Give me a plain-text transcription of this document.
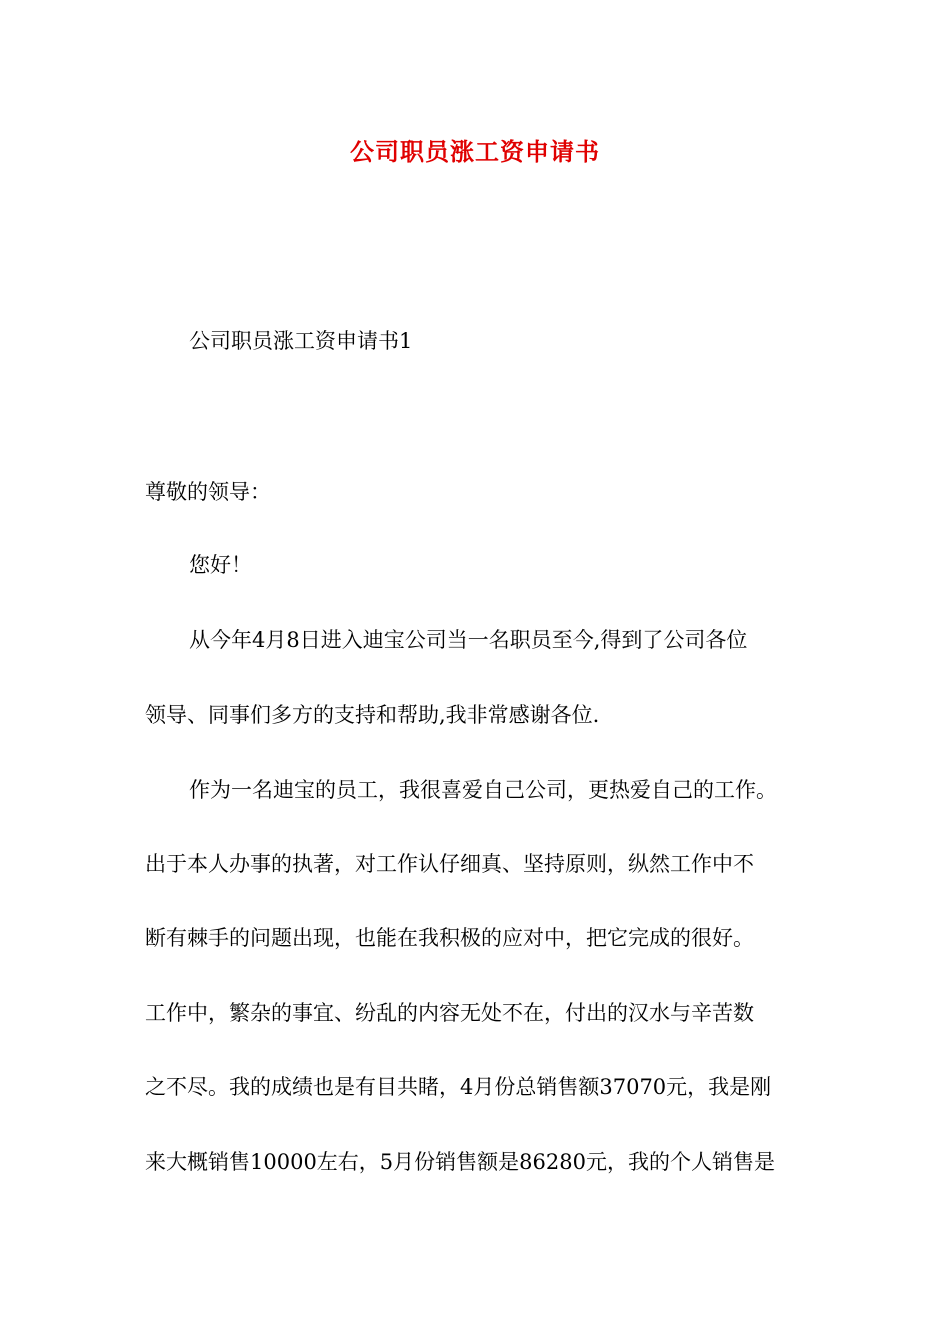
公司职员涨工资申请书
公司职员涨工资申请书1
尊敬的领导：
您好！
从今年4月8日进入迪宝公司当一名职员至今,得到了公司各位
领导、同事们多方的支持和帮助,我非常感谢各位.
作为一名迪宝的员工，我很喜爱自己公司，更热爱自己的工作。
出于本人办事的执著，对工作认仔细真、坚持原则，纵然工作中不
断有棘手的问题出现，也能在我积极的应对中，把它完成的很好。
工作中，繁杂的事宜、纷乱的内容无处不在，付出的汉水与辛苦数
之不尽。我的成绩也是有目共睹，4月份总销售额37070元，我是刚
来大概销售10000左右，5月份销售额是86280元，我的个人销售是
